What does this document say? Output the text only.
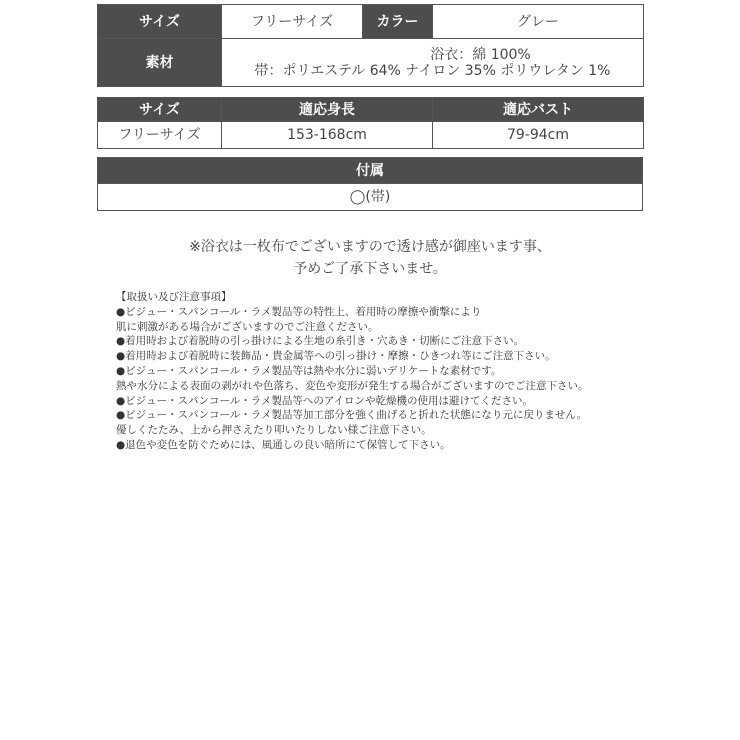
サイズ	フリーサイズ	カラー	グレー
素材	浴衣：綿 100%
帯：ポリエステル 64% ナイロン 35% ポリウレタン 1%		
サイズ	適応身長	適応バスト
フリーサイズ	153-168cm	79-94cm
付属
◯(帯)
※浴衣は一枚布でございますので透け感が御座います事、
予めご了承下さいませ。
【取扱い及び注意事項】
●ビジュー・スパンコール・ラメ製品等の特性上、着用時の摩擦や衝撃により
肌に刺激がある場合がございますのでご注意ください。
●着用時および着脱時の引っ掛けによる生地の糸引き・穴あき・切断にご注意下さい。
●着用時および着脱時に装飾品・貴金属等への引っ掛け・摩擦・ひきつれ等にご注意下さい。
●ビジュー・スパンコール・ラメ製品等は熱や水分に弱いデリケートな素材です。
熱や水分による表面の剥がれや色落ち、変色や変形が発生する場合がございますのでご注意下さい。
●ビジュー・スパンコール・ラメ製品等へのアイロンや乾燥機の使用は避けてください。
●ビジュー・スパンコール・ラメ製品等加工部分を強く曲げると折れた状態になり元に戻りません。
優しくたたみ、上から押さえたり叩いたりしない様ご注意下さい。
●退色や変色を防ぐためには、風通しの良い暗所にて保管して下さい。
